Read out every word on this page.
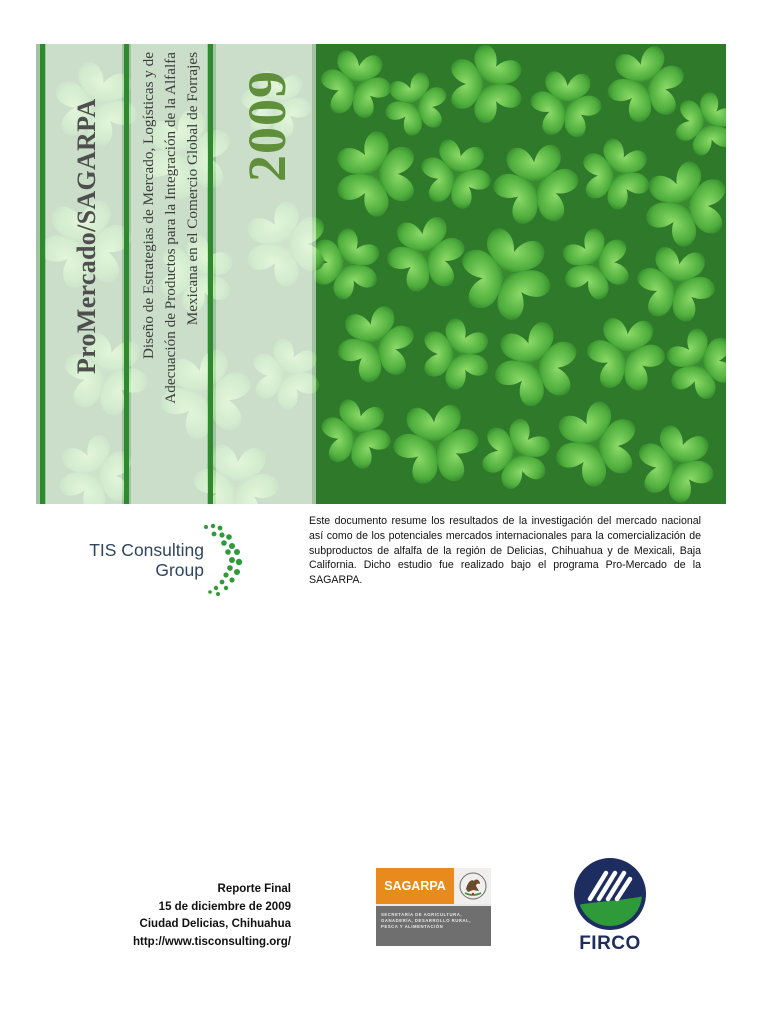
ProMercado/SAGARPA	Diseño de Estrategias de Mercado, Logísticas y de Adecuación de Productos para la Integración de la Alfalfa Mexicana en el Comercio Global de Forrajes 2009
TIS Consulting
Group
Este documento resume los resultados de la investigación del mercado nacional así como de los potenciales mercados internacionales para la comercialización de subproductos de alfalfa de la región de Delicias, Chihuahua y de Mexicali, Baja California. Dicho estudio fue realizado bajo el programa Pro-Mercado de la SAGARPA.
Reporte Final
15 de diciembre de 2009
Ciudad Delicias, Chihuahua
http://www.tisconsulting.org/
SAGARPA
SECRETARÍA DE AGRICULTURA, GANADERÍA, DESARROLLO RURAL, PESCA Y ALIMENTACIÓN
FIRCO
